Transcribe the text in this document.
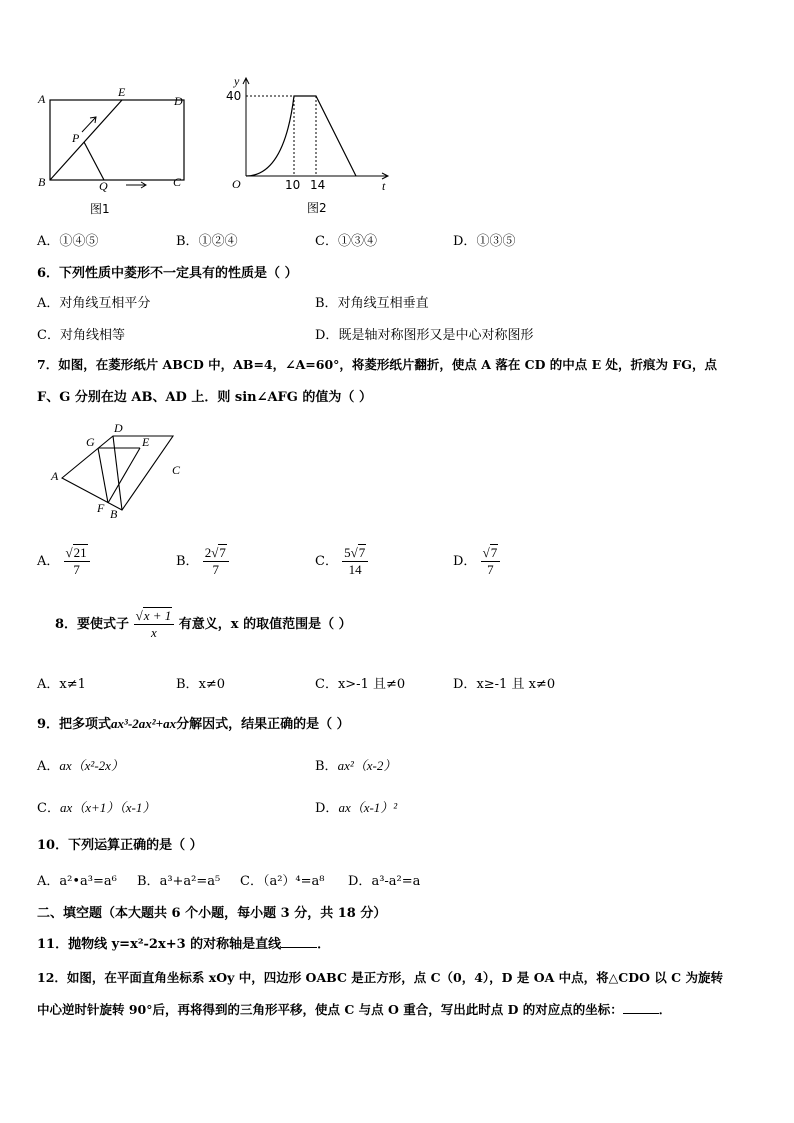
A	E
D
P
B	Q	C
图1
y
40
O	10 14	t
图2
A．①④⑤	B．①②④	C．①③④	D．①③⑤
6．下列性质中菱形不一定具有的性质是（ ）
A．对角线互相平分	B．对角线互相垂直
C．对角线相等	D．既是轴对称图形又是中心对称图形
7．如图，在菱形纸片 ABCD 中，AB=4，∠A=60°，将菱形纸片翻折，使点 A 落在 CD 的中点 E 处，折痕为 FG，点
F、G 分别在边 AB、AD 上．则 sin∠AFG 的值为（ ）
D
G	E
A	C
F B
A． $\frac{√21}{7}$	B． $\frac{2√7}{7}$	C． $\frac{5√7}{14}$	D． $\frac{√7}{7}$
8．要使式子 $\frac{√x + 1}{x}$ 有意义，x 的取值范围是（ ）
A．x≠1	B．x≠0	C．x>-1 且≠0	D．x≥-1 且 x≠0
9．把多项式ax³-2ax²+ax分解因式，结果正确的是（ ）
A．ax（x²-2x）	B．ax²（x-2）
C．ax（x+1）（x-1）	D．ax（x-1）²
10．下列运算正确的是（ ）
A．a²•a³=a⁶ B．a³+a²=a⁵ C．（a²）⁴=a⁸ D．a³-a²=a
二、填空题（本大题共 6 个小题，每小题 3 分，共 18 分）
11．抛物线 y=x²-2x+3 的对称轴是直线	．
12．如图，在平面直角坐标系 xOy 中，四边形 OABC 是正方形，点 C（0，4），D 是 OA 中点，将△CDO 以 C 为旋转
中心逆时针旋转 90°后，再将得到的三角形平移，使点 C 与点 O 重合，写出此时点 D 的对应点的坐标：	．
